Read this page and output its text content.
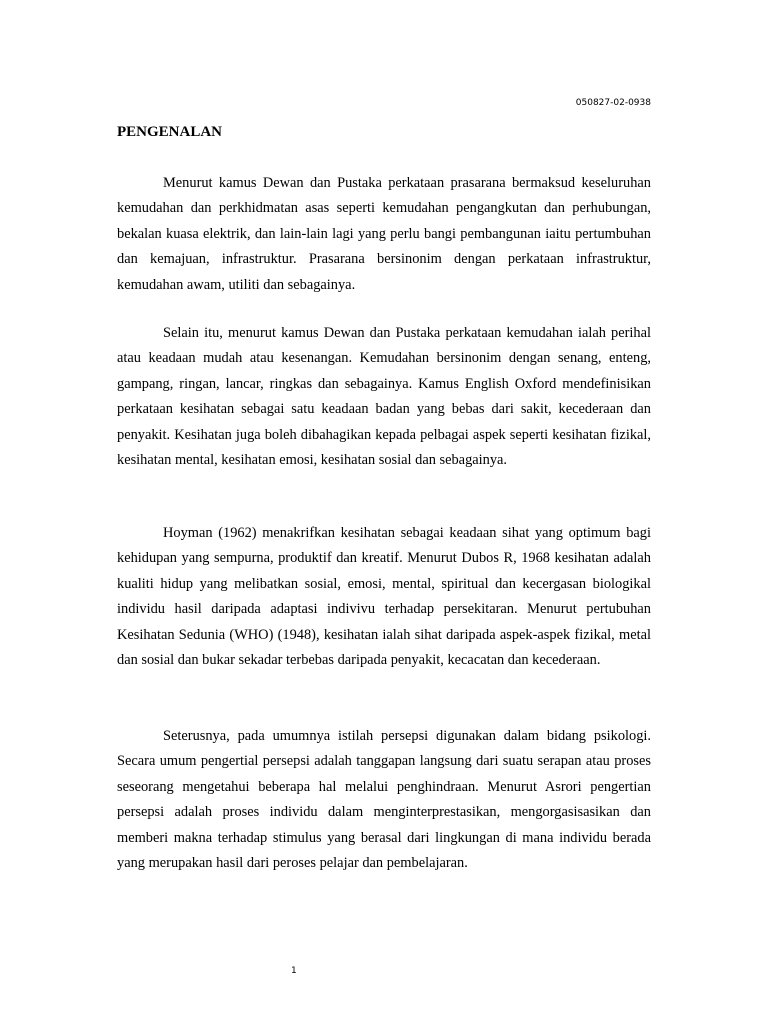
050827-02-0938
PENGENALAN

Menurut kamus Dewan dan Pustaka perkataan prasarana bermaksud keseluruhan kemudahan dan perkhidmatan asas seperti kemudahan pengangkutan dan perhubungan, bekalan kuasa elektrik, dan lain-lain lagi yang perlu bangi pembangunan iaitu pertumbuhan dan kemajuan, infrastruktur. Prasarana bersinonim dengan perkataan infrastruktur, kemudahan awam, utiliti dan sebagainya.

Selain itu, menurut kamus Dewan dan Pustaka perkataan kemudahan ialah perihal atau keadaan mudah atau kesenangan. Kemudahan bersinonim dengan senang, enteng, gampang, ringan, lancar, ringkas dan sebagainya. Kamus English Oxford mendefinisikan perkataan kesihatan sebagai satu keadaan badan yang bebas dari sakit, kecederaan dan penyakit. Kesihatan juga boleh dibahagikan kepada pelbagai aspek seperti kesihatan fizikal, kesihatan mental, kesihatan emosi, kesihatan sosial dan sebagainya.

Hoyman (1962) menakrifkan kesihatan sebagai keadaan sihat yang optimum bagi kehidupan yang sempurna, produktif dan kreatif. Menurut Dubos R, 1968 kesihatan adalah kualiti hidup yang melibatkan sosial, emosi, mental, spiritual dan kecergasan biologikal individu hasil daripada adaptasi indivivu terhadap persekitaran. Menurut pertubuhan Kesihatan Sedunia (WHO) (1948), kesihatan ialah sihat daripada aspek-aspek fizikal, metal dan sosial dan bukar sekadar terbebas daripada penyakit, kecacatan dan kecederaan.

Seterusnya, pada umumnya istilah persepsi digunakan dalam bidang psikologi. Secara umum pengertial persepsi adalah tanggapan langsung dari suatu serapan atau proses seseorang mengetahui beberapa hal melalui penghindraan. Menurut Asrori pengertian persepsi adalah proses individu dalam menginterprestasikan, mengorgasisasikan dan memberi makna terhadap stimulus yang berasal dari lingkungan di mana individu berada yang merupakan hasil dari peroses pelajar dan pembelajaran.

1
